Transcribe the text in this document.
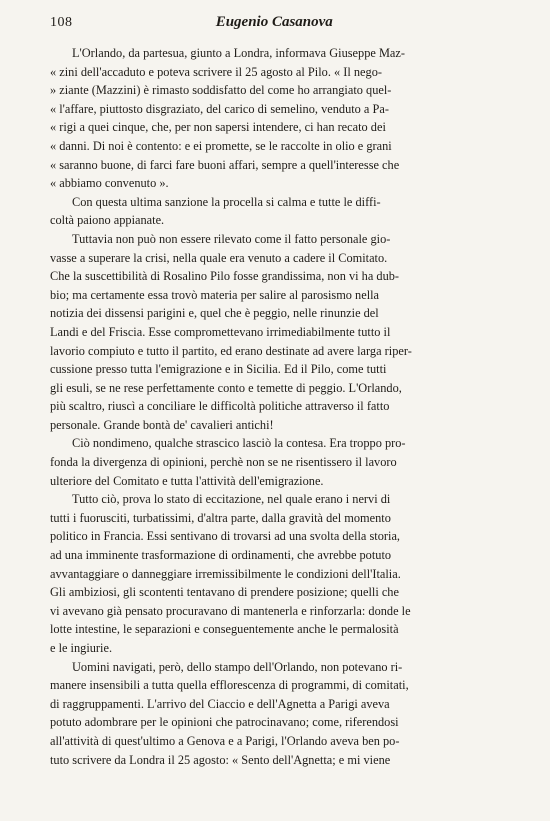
108	Eugenio Casanova

L'Orlando, da partesua, giunto a Londra, informava Giuseppe Maz-
« zini dell'accaduto e poteva scrivere il 25 agosto al Pilo. « Il nego-
» ziante (Mazzini) è rimasto soddisfatto del come ho arrangiato quel-
« l'affare, piuttosto disgraziato, del carico di semelino, venduto a Pa-
« rigi a quei cinque, che, per non sapersi intendere, ci han recato dei
« danni. Di noi è contento: e ei promette, se le raccolte in olio e grani
« saranno buone, di farci fare buoni affari, sempre a quell'interesse che
« abbiamo convenuto ».

Con questa ultima sanzione la procella si calma e tutte le diffi-
coltà paiono appianate.

Tuttavia non può non essere rilevato come il fatto personale gio-
vasse a superare la crisi, nella quale era venuto a cadere il Comitato.
Che la suscettibilità di Rosalino Pilo fosse grandissima, non vi ha dub-
bio; ma certamente essa trovò materia per salire al parosismo nella
notizia dei dissensi parigini e, quel che è peggio, nelle rinunzie del
Landi e del Friscia. Esse compromettevano irrimediabilmente tutto il
lavorio compiuto e tutto il partito, ed erano destinate ad avere larga riper-
cussione presso tutta l'emigrazione e in Sicilia. Ed il Pilo, come tutti
gli esuli, se ne rese perfettamente conto e temette di peggio. L'Orlando,
più scaltro, riuscì a conciliare le difficoltà politiche attraverso il fatto
personale. Grande bontà de' cavalieri antichi!

Ciò nondimeno, qualche strascico lasciò la contesa. Era troppo pro-
fonda la divergenza di opinioni, perchè non se ne risentissero il lavoro
ulteriore del Comitato e tutta l'attività dell'emigrazione.

Tutto ciò, prova lo stato di eccitazione, nel quale erano i nervi di
tutti i fuorusciti, turbatissimi, d'altra parte, dalla gravità del momento
politico in Francia. Essi sentivano di trovarsi ad una svolta della storia,
ad una imminente trasformazione di ordinamenti, che avrebbe potuto
avvantaggiare o danneggiare irremissibilmente le condizioni dell'Italia.
Gli ambiziosi, gli scontenti tentavano di prendere posizione; quelli che
vi avevano già pensato procuravano di mantenerla e rinforzarla: donde le
lotte intestine, le separazioni e conseguentemente anche le permalosità
e le ingiurie.

Uomini navigati, però, dello stampo dell'Orlando, non potevano ri-
manere insensibili a tutta quella efflorescenza di programmi, di comitati,
di raggruppamenti. L'arrivo del Ciaccio e dell'Agnetta a Parigi aveva
potuto adombrare per le opinioni che patrocinavano; come, riferendosi
all'attività di quest'ultimo a Genova e a Parigi, l'Orlando aveva ben po-
tuto scrivere da Londra il 25 agosto: « Sento dell'Agnetta; e mi viene
